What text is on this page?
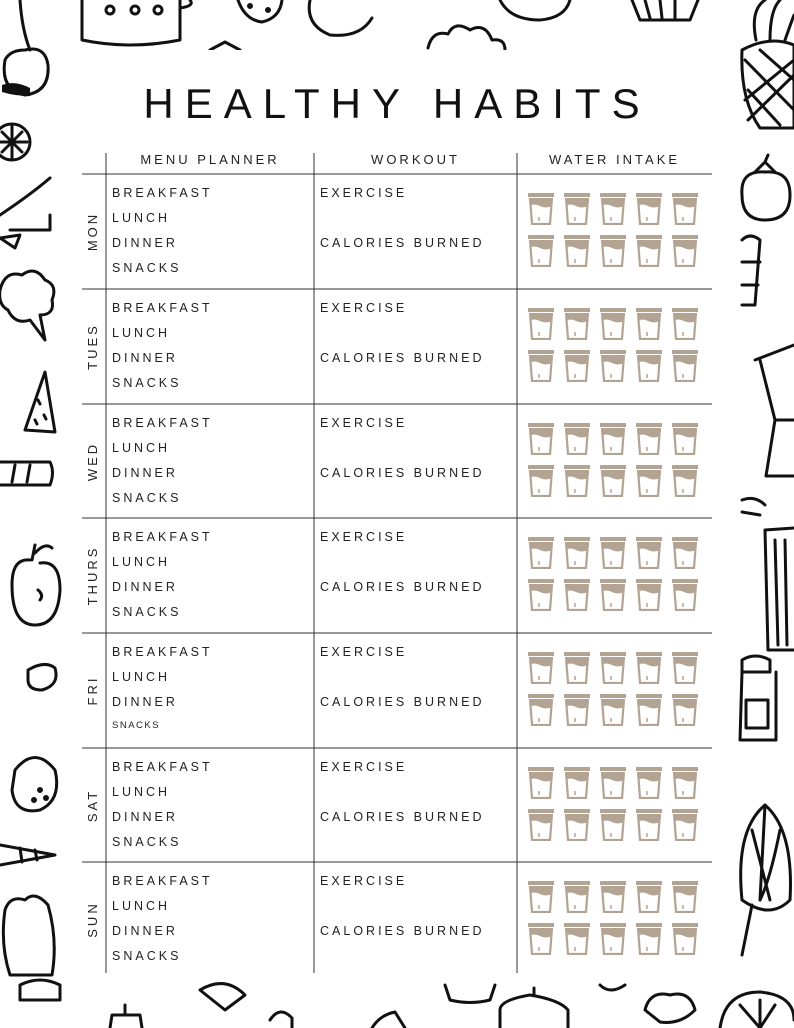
HEALTHY HABITS
MENU PLANNER	WORKOUT	WATER INTAKE
MON
BREAKFAST
LUNCH
DINNER
SNACKS
EXERCISE
CALORIES BURNED
TUES
BREAKFAST
LUNCH
DINNER
SNACKS
EXERCISE
CALORIES BURNED
WED
BREAKFAST
LUNCH
DINNER
SNACKS
EXERCISE
CALORIES BURNED
THURS
BREAKFAST
LUNCH
DINNER
SNACKS
EXERCISE
CALORIES BURNED
FRI
BREAKFAST
LUNCH
DINNER
SNACKS
EXERCISE
CALORIES BURNED
SAT
BREAKFAST
LUNCH
DINNER
SNACKS
EXERCISE
CALORIES BURNED
SUN
BREAKFAST
LUNCH
DINNER
SNACKS
EXERCISE
CALORIES BURNED
